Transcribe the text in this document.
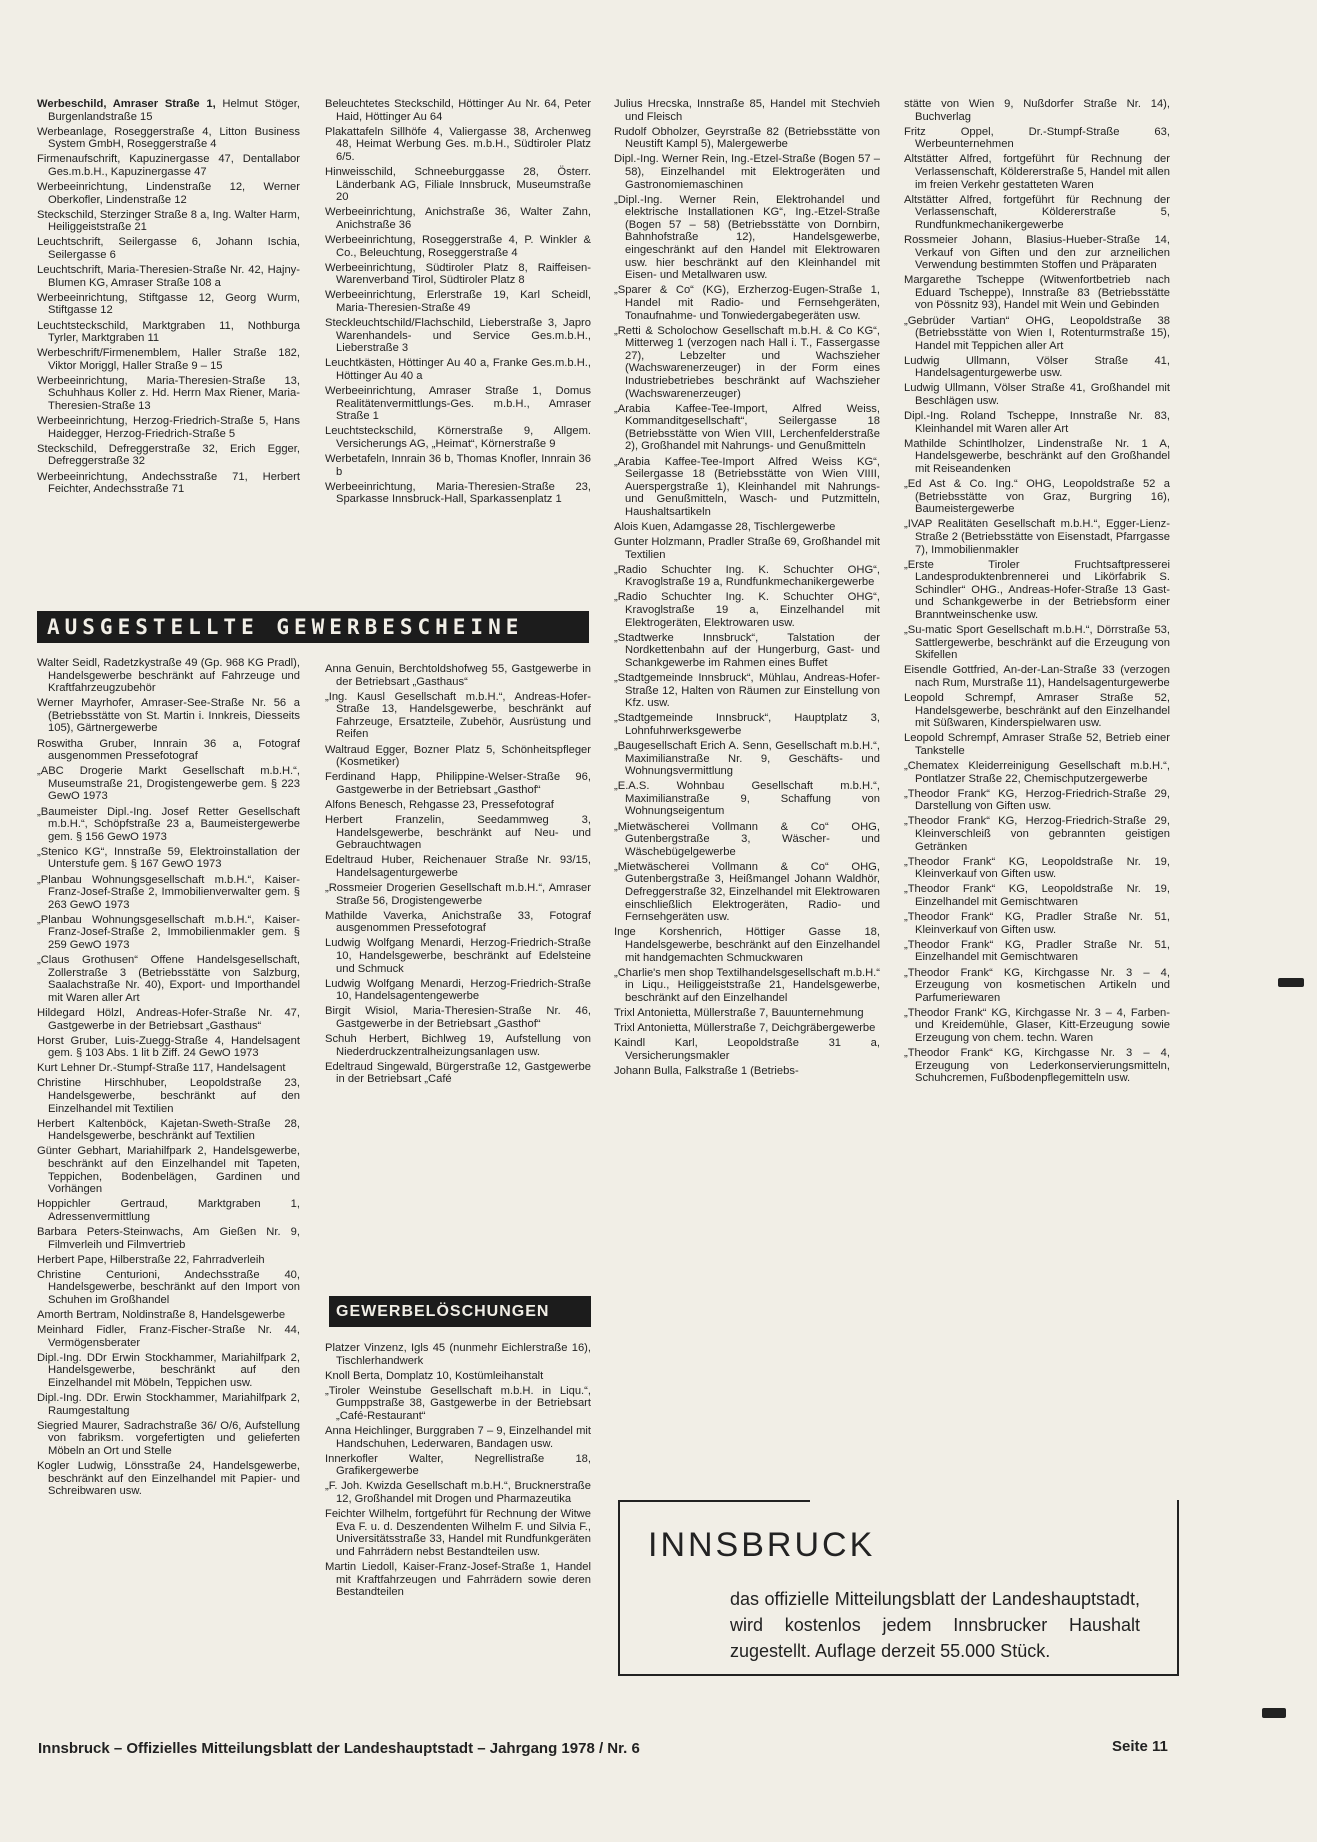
Werbeschild, Amraser Straße 1, Helmut Stöger, Burgenlandstraße 15

Werbeanlage, Roseggerstraße 4, Litton Business System GmbH, Roseggerstraße 4

Firmenaufschrift, Kapuzinergasse 47, Dentallabor Ges.m.b.H., Kapuzinergasse 47

Werbeeinrichtung, Lindenstraße 12, Werner Oberkofler, Lindenstraße 12

Steckschild, Sterzinger Straße 8 a, Ing. Walter Harm, Heiliggeiststraße 21

Leuchtschrift, Seilergasse 6, Johann Ischia, Seilergasse 6

Leuchtschrift, Maria-Theresien-Straße Nr. 42, Hajny-Blumen KG, Amraser Straße 108 a

Werbeeinrichtung, Stiftgasse 12, Georg Wurm, Stiftgasse 12

Leuchtsteckschild, Marktgraben 11, Nothburga Tyrler, Marktgraben 11

Werbeschrift/Firmenemblem, Haller Straße 182, Viktor Moriggl, Haller Straße 9 – 15

Werbeeinrichtung, Maria-Theresien-Straße 13, Schuhhaus Koller z. Hd. Herrn Max Riener, Maria-Theresien-Straße 13

Werbeeinrichtung, Herzog-Friedrich-Straße 5, Hans Haidegger, Herzog-Friedrich-Straße 5

Steckschild, Defreggerstraße 32, Erich Egger, Defreggerstraße 32

Werbeeinrichtung, Andechsstraße 71, Herbert Feichter, Andechsstraße 71

Beleuchtetes Steckschild, Höttinger Au Nr. 64, Peter Haid, Höttinger Au 64

Plakattafeln Sillhöfe 4, Valiergasse 38, Archenweg 48, Heimat Werbung Ges. m.b.H., Südtiroler Platz 6/5.

Hinweisschild, Schneeburggasse 28, Österr. Länderbank AG, Filiale Innsbruck, Museumstraße 20

Werbeeinrichtung, Anichstraße 36, Walter Zahn, Anichstraße 36

Werbeeinrichtung, Roseggerstraße 4, P. Winkler & Co., Beleuchtung, Roseggerstraße 4

Werbeeinrichtung, Südtiroler Platz 8, Raiffeisen-Warenverband Tirol, Südtiroler Platz 8

Werbeeinrichtung, Erlerstraße 19, Karl Scheidl, Maria-Theresien-Straße 49

Steckleuchtschild/Flachschild, Lieberstraße 3, Japro Warenhandels- und Service Ges.m.b.H., Lieberstraße 3

Leuchtkästen, Höttinger Au 40 a, Franke Ges.m.b.H., Höttinger Au 40 a

Werbeeinrichtung, Amraser Straße 1, Domus Realitätenvermittlungs-Ges. m.b.H., Amraser Straße 1

Leuchtsteckschild, Körnerstraße 9, Allgem. Versicherungs AG, „Heimat“, Körnerstraße 9

Werbetafeln, Innrain 36 b, Thomas Knofler, Innrain 36 b

Werbeeinrichtung, Maria-Theresien-Straße 23, Sparkasse Innsbruck-Hall, Sparkassenplatz 1

AUSGESTELLTE GEWERBESCHEINE

Walter Seidl, Radetzkystraße 49 (Gp. 968 KG Pradl), Handelsgewerbe beschränkt auf Fahrzeuge und Kraftfahrzeugzubehör

Werner Mayrhofer, Amraser-See-Straße Nr. 56 a (Betriebsstätte von St. Martin i. Innkreis, Diesseits 105), Gärtnergewerbe

Roswitha Gruber, Innrain 36 a, Fotograf ausgenommen Pressefotograf

„ABC Drogerie Markt Gesellschaft m.b.H.“, Museumstraße 21, Drogistengewerbe gem. § 223 GewO 1973

„Baumeister Dipl.-Ing. Josef Retter Gesellschaft m.b.H.“, Schöpfstraße 23 a, Baumeistergewerbe gem. § 156 GewO 1973

„Stenico KG“, Innstraße 59, Elektroinstallation der Unterstufe gem. § 167 GewO 1973

„Planbau Wohnungsgesellschaft m.b.H.“, Kaiser-Franz-Josef-Straße 2, Immobilienverwalter gem. § 263 GewO 1973

„Planbau Wohnungsgesellschaft m.b.H.“, Kaiser-Franz-Josef-Straße 2, Immobilienmakler gem. § 259 GewO 1973

„Claus Grothusen“ Offene Handelsgesellschaft, Zollerstraße 3 (Betriebsstätte von Salzburg, Saalachstraße Nr. 40), Export- und Importhandel mit Waren aller Art

Hildegard Hölzl, Andreas-Hofer-Straße Nr. 47, Gastgewerbe in der Betriebsart „Gasthaus“

Horst Gruber, Luis-Zuegg-Straße 4, Handelsagent gem. § 103 Abs. 1 lit b Ziff. 24 GewO 1973

Kurt Lehner Dr.-Stumpf-Straße 117, Handelsagent

Christine Hirschhuber, Leopoldstraße 23, Handelsgewerbe, beschränkt auf den Einzelhandel mit Textilien

Herbert Kaltenböck, Kajetan-Sweth-Straße 28, Handelsgewerbe, beschränkt auf Textilien

Günter Gebhart, Mariahilfpark 2, Handelsgewerbe, beschränkt auf den Einzelhandel mit Tapeten, Teppichen, Bodenbelägen, Gardinen und Vorhängen

Hoppichler Gertraud, Marktgraben 1, Adressenvermittlung

Barbara Peters-Steinwachs, Am Gießen Nr. 9, Filmverleih und Filmvertrieb

Herbert Pape, Hilberstraße 22, Fahrradverleih

Christine Centurioni, Andechsstraße 40, Handelsgewerbe, beschränkt auf den Import von Schuhen im Großhandel

Amorth Bertram, Noldinstraße 8, Handelsgewerbe

Meinhard Fidler, Franz-Fischer-Straße Nr. 44, Vermögensberater

Dipl.-Ing. DDr Erwin Stockhammer, Mariahilfpark 2, Handelsgewerbe, beschränkt auf den Einzelhandel mit Möbeln, Teppichen usw.

Dipl.-Ing. DDr. Erwin Stockhammer, Mariahilfpark 2, Raumgestaltung

Siegried Maurer, Sadrachstraße 36/ O/6, Aufstellung von fabriksm. vorgefertigten und gelieferten Möbeln an Ort und Stelle

Kogler Ludwig, Lönsstraße 24, Handelsgewerbe, beschränkt auf den Einzelhandel mit Papier- und Schreibwaren usw.

Anna Genuin, Berchtoldshofweg 55, Gastgewerbe in der Betriebsart „Gasthaus“

„Ing. Kausl Gesellschaft m.b.H.“, Andreas-Hofer-Straße 13, Handelsgewerbe, beschränkt auf Fahrzeuge, Ersatzteile, Zubehör, Ausrüstung und Reifen

Waltraud Egger, Bozner Platz 5, Schönheitspfleger (Kosmetiker)

Ferdinand Happ, Philippine-Welser-Straße 96, Gastgewerbe in der Betriebsart „Gasthof“

Alfons Benesch, Rehgasse 23, Pressefotograf

Herbert Franzelin, Seedammweg 3, Handelsgewerbe, beschränkt auf Neu- und Gebrauchtwagen

Edeltraud Huber, Reichenauer Straße Nr. 93/15, Handelsagenturgewerbe

„Rossmeier Drogerien Gesellschaft m.b.H.“, Amraser Straße 56, Drogistengewerbe

Mathilde Vaverka, Anichstraße 33, Fotograf ausgenommen Pressefotograf

Ludwig Wolfgang Menardi, Herzog-Friedrich-Straße 10, Handelsgewerbe, beschränkt auf Edelsteine und Schmuck

Ludwig Wolfgang Menardi, Herzog-Friedrich-Straße 10, Handelsagentengewerbe

Birgit Wisiol, Maria-Theresien-Straße Nr. 46, Gastgewerbe in der Betriebsart „Gasthof“

Schuh Herbert, Bichlweg 19, Aufstellung von Niederdruckzentralheizungsanlagen usw.

Edeltraud Singewald, Bürgerstraße 12, Gastgewerbe in der Betriebsart „Café

GEWERBELÖSCHUNGEN

Platzer Vinzenz, Igls 45 (nunmehr Eichlerstraße 16), Tischlerhandwerk

Knoll Berta, Domplatz 10, Kostümleihanstalt

„Tiroler Weinstube Gesellschaft m.b.H. in Liqu.“, Gumppstraße 38, Gastgewerbe in der Betriebsart „Café-Restaurant“

Anna Heichlinger, Burggraben 7 – 9, Einzelhandel mit Handschuhen, Lederwaren, Bandagen usw.

Innerkofler Walter, Negrellistraße 18, Grafikergewerbe

„F. Joh. Kwizda Gesellschaft m.b.H.“, Brucknerstraße 12, Großhandel mit Drogen und Pharmazeutika

Feichter Wilhelm, fortgeführt für Rechnung der Witwe Eva F. u. d. Deszendenten Wilhelm F. und Silvia F., Universitätsstraße 33, Handel mit Rundfunkgeräten und Fahrrädern nebst Bestandteilen usw.

Martin Liedoll, Kaiser-Franz-Josef-Straße 1, Handel mit Kraftfahrzeugen und Fahrrädern sowie deren Bestandteilen

Julius Hrecska, Innstraße 85, Handel mit Stechvieh und Fleisch

Rudolf Obholzer, Geyrstraße 82 (Betriebsstätte von Neustift Kampl 5), Malergewerbe

Dipl.-Ing. Werner Rein, Ing.-Etzel-Straße (Bogen 57 – 58), Einzelhandel mit Elektrogeräten und Gastronomiemaschinen

„Dipl.-Ing. Werner Rein, Elektrohandel und elektrische Installationen KG“, Ing.-Etzel-Straße (Bogen 57 – 58) (Betriebsstätte von Dornbirn, Bahnhofstraße 12), Handelsgewerbe, eingeschränkt auf den Handel mit Elektrowaren usw. hier beschränkt auf den Kleinhandel mit Eisen- und Metallwaren usw.

„Sparer & Co“ (KG), Erzherzog-Eugen-Straße 1, Handel mit Radio- und Fernsehgeräten, Tonaufnahme- und Tonwiedergabegeräten usw.

„Retti & Scholochow Gesellschaft m.b.H. & Co KG“, Mitterweg 1 (verzogen nach Hall i. T., Fassergasse 27), Lebzelter und Wachszieher (Wachswarenerzeuger) in der Form eines Industriebetriebes beschränkt auf Wachszieher (Wachswarenerzeuger)

„Arabia Kaffee-Tee-Import, Alfred Weiss, Kommanditgesellschaft“, Seilergasse 18 (Betriebsstätte von Wien VIII, Lerchenfelderstraße 2), Großhandel mit Nahrungs- und Genußmitteln

„Arabia Kaffee-Tee-Import Alfred Weiss KG“, Seilergasse 18 (Betriebsstätte von Wien VIIII, Auerspergstraße 1), Kleinhandel mit Nahrungs- und Genußmitteln, Wasch- und Putzmitteln, Haushaltsartikeln

Alois Kuen, Adamgasse 28, Tischlergewerbe

Gunter Holzmann, Pradler Straße 69, Großhandel mit Textilien

„Radio Schuchter Ing. K. Schuchter OHG“, Kravoglstraße 19 a, Rundfunkmechanikergewerbe

„Radio Schuchter Ing. K. Schuchter OHG“, Kravoglstraße 19 a, Einzelhandel mit Elektrogeräten, Elektrowaren usw.

„Stadtwerke Innsbruck“, Talstation der Nordkettenbahn auf der Hungerburg, Gast- und Schankgewerbe im Rahmen eines Buffet

„Stadtgemeinde Innsbruck“, Mühlau, Andreas-Hofer-Straße 12, Halten von Räumen zur Einstellung von Kfz. usw.

„Stadtgemeinde Innsbruck“, Hauptplatz 3, Lohnfuhrwerksgewerbe

„Baugesellschaft Erich A. Senn, Gesellschaft m.b.H.“, Maximilianstraße Nr. 9, Geschäfts- und Wohnungsvermittlung

„E.A.S. Wohnbau Gesellschaft m.b.H.“, Maximilianstraße 9, Schaffung von Wohnungseigentum

„Mietwäscherei Vollmann & Co“ OHG, Gutenbergstraße 3, Wäscher- und Wäschebügelgewerbe

„Mietwäscherei Vollmann & Co“ OHG, Gutenbergstraße 3, Heißmangel Johann Waldhör, Defreggerstraße 32, Einzelhandel mit Elektrowaren einschließlich Elektrogeräten, Radio- und Fernsehgeräten usw.

Inge Korshenrich, Höttiger Gasse 18, Handelsgewerbe, beschränkt auf den Einzelhandel mit handgemachten Schmuckwaren

„Charlie's men shop Textilhandelsgesellschaft m.b.H.“ in Liqu., Heiliggeiststraße 21, Handelsgewerbe, beschränkt auf den Einzelhandel

Trixl Antonietta, Müllerstraße 7, Bauunternehmung

Trixl Antonietta, Müllerstraße 7, Deichgräbergewerbe

Kaindl Karl, Leopoldstraße 31 a, Versicherungsmakler

Johann Bulla, Falkstraße 1 (Betriebs-

stätte von Wien 9, Nußdorfer Straße Nr. 14), Buchverlag

Fritz Oppel, Dr.-Stumpf-Straße 63, Werbeunternehmen

Altstätter Alfred, fortgeführt für Rechnung der Verlassenschaft, Köldererstraße 5, Handel mit allen im freien Verkehr gestatteten Waren

Altstätter Alfred, fortgeführt für Rechnung der Verlassenschaft, Köldererstraße 5, Rundfunkmechanikergewerbe

Rossmeier Johann, Blasius-Hueber-Straße 14, Verkauf von Giften und den zur arzneilichen Verwendung bestimmten Stoffen und Präparaten

Margarethe Tscheppe (Witwenfortbetrieb nach Eduard Tscheppe), Innstraße 83 (Betriebsstätte von Pössnitz 93), Handel mit Wein und Gebinden

„Gebrüder Vartian“ OHG, Leopoldstraße 38 (Betriebsstätte von Wien I, Rotenturmstraße 15), Handel mit Teppichen aller Art

Ludwig Ullmann, Völser Straße 41, Handelsagenturgewerbe usw.

Ludwig Ullmann, Völser Straße 41, Großhandel mit Beschlägen usw.

Dipl.-Ing. Roland Tscheppe, Innstraße Nr. 83, Kleinhandel mit Waren aller Art

Mathilde Schintlholzer, Lindenstraße Nr. 1 A, Handelsgewerbe, beschränkt auf den Großhandel mit Reiseandenken

„Ed Ast & Co. Ing.“ OHG, Leopoldstraße 52 a (Betriebsstätte von Graz, Burgring 16), Baumeistergewerbe

„IVAP Realitäten Gesellschaft m.b.H.“, Egger-Lienz-Straße 2 (Betriebsstätte von Eisenstadt, Pfarrgasse 7), Immobilienmakler

„Erste Tiroler Fruchtsaftpresserei Landesproduktenbrennerei und Likörfabrik S. Schindler“ OHG., Andreas-Hofer-Straße 13 Gast- und Schankgewerbe in der Betriebsform einer Branntweinschenke usw.

„Su-matic Sport Gesellschaft m.b.H.“, Dörrstraße 53, Sattlergewerbe, beschränkt auf die Erzeugung von Skifellen

Eisendle Gottfried, An-der-Lan-Straße 33 (verzogen nach Rum, Murstraße 11), Handelsagenturgewerbe

Leopold Schrempf, Amraser Straße 52, Handelsgewerbe, beschränkt auf den Einzelhandel mit Süßwaren, Kinderspielwaren usw.

Leopold Schrempf, Amraser Straße 52, Betrieb einer Tankstelle

„Chematex Kleiderreinigung Gesellschaft m.b.H.“, Pontlatzer Straße 22, Chemischputzergewerbe

„Theodor Frank“ KG, Herzog-Friedrich-Straße 29, Darstellung von Giften usw.

„Theodor Frank“ KG, Herzog-Friedrich-Straße 29, Kleinverschleiß von gebrannten geistigen Getränken

„Theodor Frank“ KG, Leopoldstraße Nr. 19, Kleinverkauf von Giften usw.

„Theodor Frank“ KG, Leopoldstraße Nr. 19, Einzelhandel mit Gemischtwaren

„Theodor Frank“ KG, Pradler Straße Nr. 51, Kleinverkauf von Giften usw.

„Theodor Frank“ KG, Pradler Straße Nr. 51, Einzelhandel mit Gemischtwaren

„Theodor Frank“ KG, Kirchgasse Nr. 3 – 4, Erzeugung von kosmetischen Artikeln und Parfumeriewaren

„Theodor Frank“ KG, Kirchgasse Nr. 3 – 4, Farben- und Kreidemühle, Glaser, Kitt-Erzeugung sowie Erzeugung von chem. techn. Waren

„Theodor Frank“ KG, Kirchgasse Nr. 3 – 4, Erzeugung von Lederkonservierungsmitteln, Schuhcremen, Fußbodenpflegemitteln usw.

INNSBRUCK
das offizielle Mitteilungsblatt der Landeshauptstadt, wird kostenlos jedem Innsbrucker Haushalt zugestellt. Auflage derzeit 55.000 Stück.
Innsbruck – Offizielles Mitteilungsblatt der Landeshauptstadt – Jahrgang 1978 / Nr. 6	Seite 11
